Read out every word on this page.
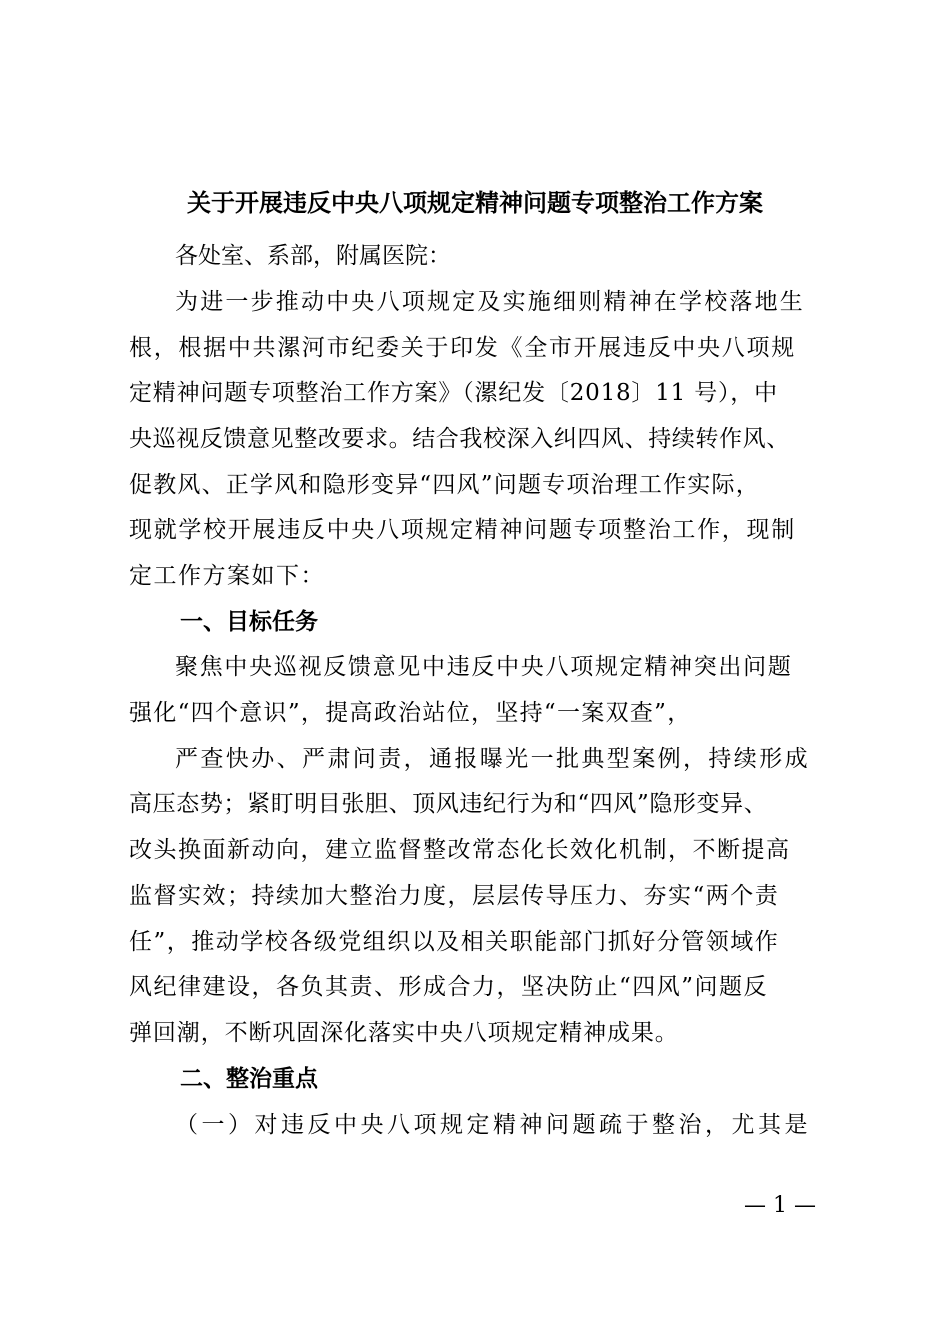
关于开展违反中央八项规定精神问题专项整治工作方案
各处室、系部，附属医院：
为进一步推动中央八项规定及实施细则精神在学校落地生
根，根据中共漯河市纪委关于印发《全市开展违反中央八项规
定精神问题专项整治工作方案》（漯纪发〔2018〕11 号），中
央巡视反馈意见整改要求。结合我校深入纠四风、持续转作风、
促教风、正学风和隐形变异“四风”问题专项治理工作实际，
现就学校开展违反中央八项规定精神问题专项整治工作，现制
定工作方案如下：
一、目标任务
聚焦中央巡视反馈意见中违反中央八项规定精神突出问题
强化“四个意识”，提高政治站位，坚持“一案双查”，
严查快办、严肃问责，通报曝光一批典型案例，持续形成
高压态势；紧盯明目张胆、顶风违纪行为和“四风”隐形变异、
改头换面新动向，建立监督整改常态化长效化机制，不断提高
监督实效；持续加大整治力度，层层传导压力、夯实“两个责
任”，推动学校各级党组织以及相关职能部门抓好分管领域作
风纪律建设，各负其责、形成合力，坚决防止“四风”问题反
弹回潮，不断巩固深化落实中央八项规定精神成果。
二、整治重点
（一）对违反中央八项规定精神问题疏于整治，尤其是
— 1 —
